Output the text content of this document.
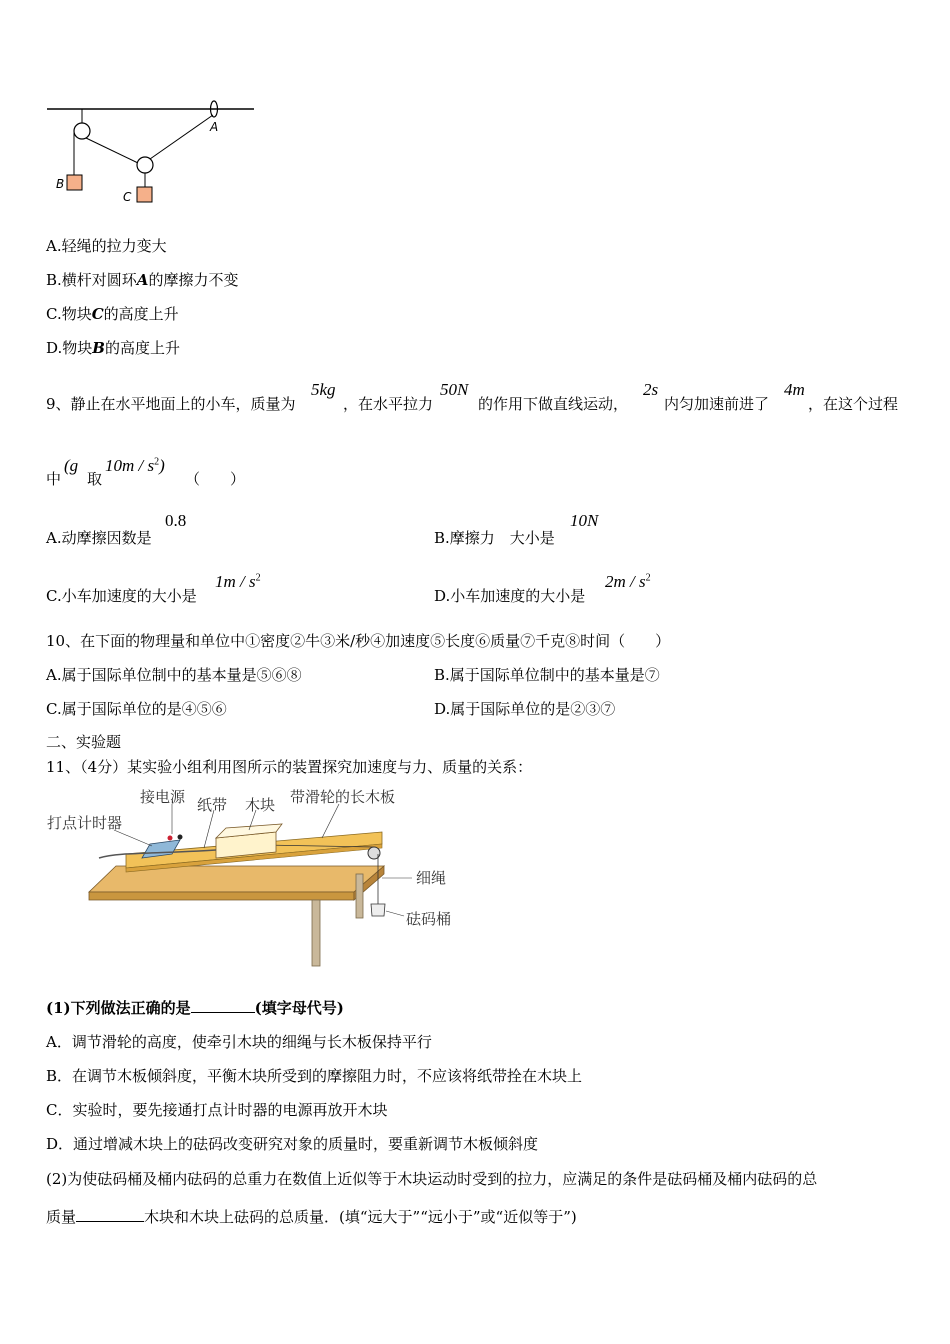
A
B
C
A.轻绳的拉力变大
B.横杆对圆环A的摩擦力不变
C.物块C的高度上升
D.物块B的高度上升
9、静止在水平地面上的小车，质量为
5kg
，在水平拉力
50N
的作用下做直线运动，
2s
内匀加速前进了
4m
，在这个过程
中
(g
取
$10m / s^2$)
（　　）
A.动摩擦因数是
0.8
B.摩擦力　大小是
10N
C.小车加速度的大小是
$1m / s^2$
D.小车加速度的大小是
$2m / s^2$
10、在下面的物理量和单位中①密度②牛③米/秒④加速度⑤长度⑥质量⑦千克⑧时间（　　）
A.属于国际单位制中的基本量是⑤⑥⑧	B.属于国际单位制中的基本量是⑦
C.属于国际单位的是④⑤⑥	D.属于国际单位的是②③⑦
二、实验题
11、（4分）某实验小组利用图所示的装置探究加速度与力、质量的关系：
接电源 纸带 木块 带滑轮的长木板
打点计时器
细绳
砝码桶
(1)下列做法正确的是	(填字母代号)
A．调节滑轮的高度，使牵引木块的细绳与长木板保持平行
B．在调节木板倾斜度，平衡木块所受到的摩擦阻力时，不应该将纸带拴在木块上
C．实验时，要先接通打点计时器的电源再放开木块
D．通过增减木块上的砝码改变研究对象的质量时，要重新调节木板倾斜度
(2)为使砝码桶及桶内砝码的总重力在数值上近似等于木块运动时受到的拉力，应满足的条件是砝码桶及桶内砝码的总
质量	木块和木块上砝码的总质量．(填“远大于”“远小于”或“近似等于”)
